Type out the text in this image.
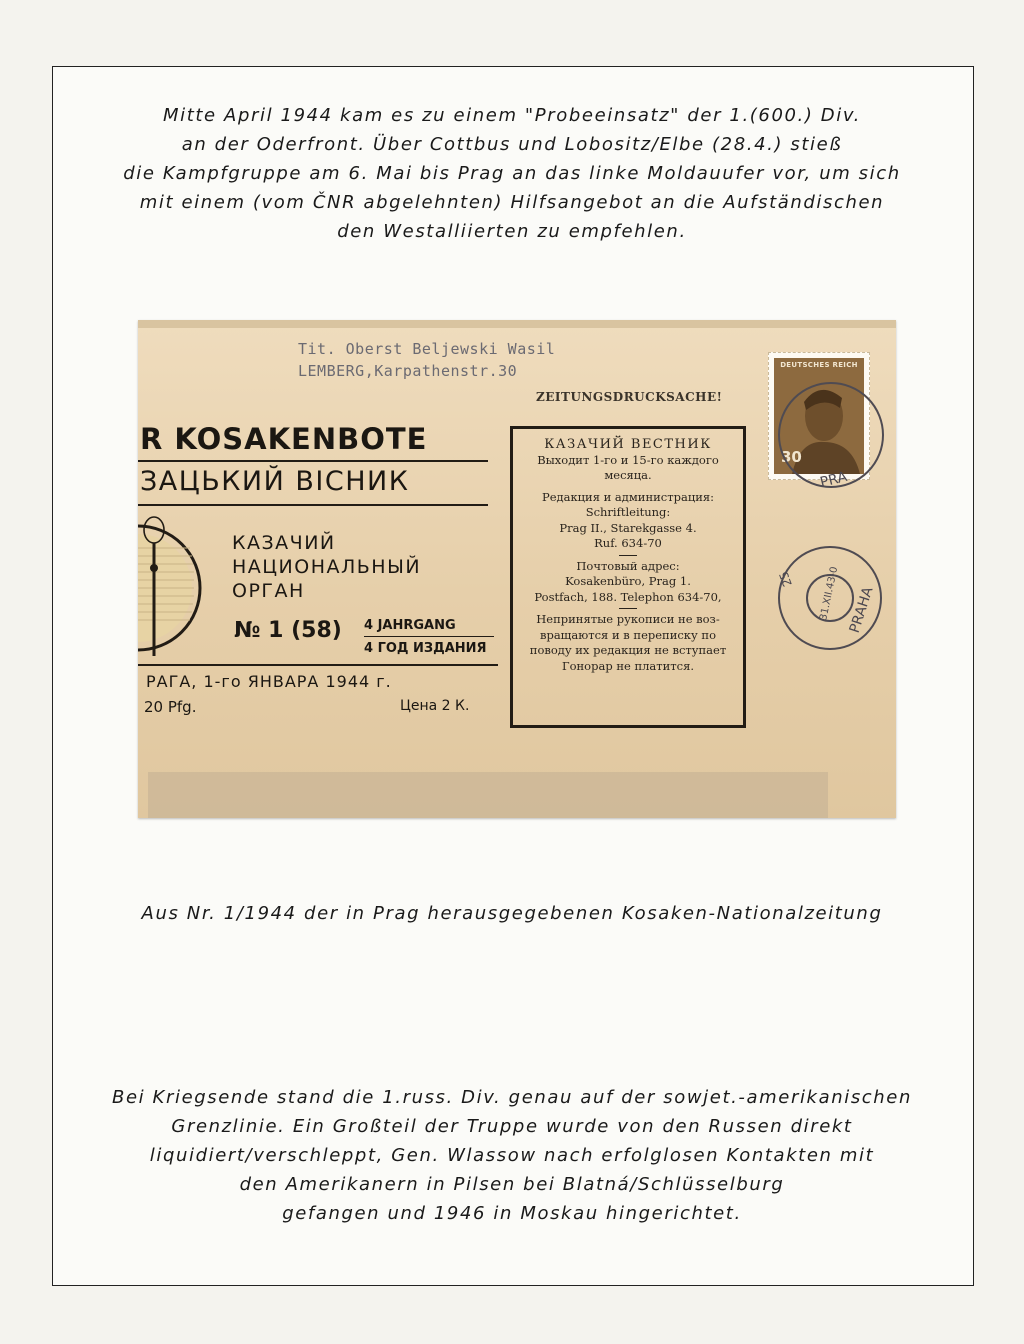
Mitte April 1944 kam es zu einem "Probeeinsatz" der 1.(600.) Div.
an der Oderfront. Über Cottbus und Lobositz/Elbe (28.4.) stieß
die Kampfgruppe am 6. Mai bis Prag an das linke Moldauufer vor, um sich
mit einem (vom ČNR abgelehnten) Hilfsangebot an die Aufständischen
den Westalliierten zu empfehlen.
Tit. Oberst Beljewski Wasil
LEMBERG,Karpathenstr.30
ZEITUNGSDRUCKSACHE!
R KOSAKENBOTE
ЗАЦЬКИЙ ВІСНИК
КАЗАЧИЙ
НАЦИОНАЛЬНЫЙ
ОРГАН
№ 1 (58) 4 JAHRGANG
4 ГОД ИЗДАНИЯ
РАГА, 1-го ЯНВАРА 1944 г.
20 Pfg.	Цена 2 К.
КАЗАЧИЙ ВЕСТНИК

Выходит 1-го и 15-го каждого

месяца.

Редакция и администрация:

Schriftleitung:

Prag II., Starekgasse 4.

Ruf. 634-70

Почтовый адрес:

Kosakenbüro, Prag 1.

Postfach, 188. Telephon 634-70,

Непринятые рукописи не воз-

вращаются и в переписку по

поводу их редакция не вступает

Гонорар не платится.

DEUTSCHES REICH
30
PRA
PRAHA
25 31.XII.43-0
Aus Nr. 1/1944 der in Prag herausgegebenen Kosaken-Nationalzeitung
Bei Kriegsende stand die 1.russ. Div. genau auf der sowjet.-amerikanischen
Grenzlinie. Ein Großteil der Truppe wurde von den Russen direkt
liquidiert/verschleppt, Gen. Wlassow nach erfolglosen Kontakten mit
den Amerikanern in Pilsen bei Blatná/Schlüsselburg
gefangen und 1946 in Moskau hingerichtet.
